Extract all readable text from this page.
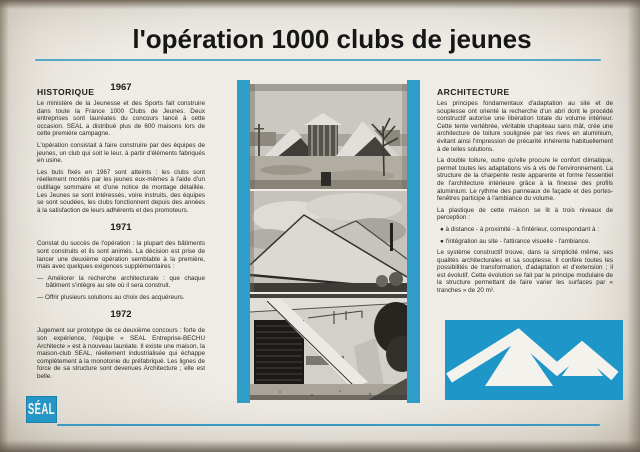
l'opération 1000 clubs de jeunes
HISTORIQUE	1967

Le ministère de la Jeunesse et des Sports fait construire dans toute la France 1000 Clubs de Jeunes. Deux entreprises sont lauréates du concours lancé à cette occasion. SEAL a distribué plus de 600 maisons lors de cette première campagne.

L'opération consistait à faire construire par des équipes de jeunes, un club qui soit le leur, à partir d'éléments fabriqués en usine.

Les buts fixés en 1967 sont atteints : les clubs sont réellement montés par les jeunes eux-mêmes à l'aide d'un outillage sommaire et d'une notice de montage détaillée. Les Jeunes se sont intéressés, voire instruits, des équipes se sont soudées, les clubs fonctionnent depuis des années à la satisfaction de leurs adhérents et des promoteurs.

1971

Constat du succès de l'opération : la plupart des bâtiments sont construits et ils sont animés. La décision est prise de lancer une deuxième opération semblable à la première, mais avec quelques exigences supplémentaires :

— Améliorer la recherche architecturale : que chaque bâtiment s'intègre au site où il sera construit.

— Offrir plusieurs solutions au choix des acquéreurs.

1972

Jugement sur prototype de ce deuxième concours : forte de son expérience, l'équipe « SEAL Entreprise-BECHU Architecte » est à nouveau lauréate. Il existe une maison, la maison-club SEAL, réellement industrialisée qui échappe complètement à la monotonie du préfabriqué. Les lignes de force de sa structure sont devenues Architecture ; elle est belle.

ARCHITECTURE

Les principes fondamentaux d'adaptation au site et de souplesse ont orienté la recherche d'un abri dont le procédé constructif autorise une libération totale du volume intérieur. Cette tente vertébrée, véritable chapiteau sans mât, crée une architecture de toiture soulignée par les rives en aluminium, évitant ainsi l'impression de précarité inhérente habituellement à de telles solutions.

La double toiture, outre qu'elle procure le confort climatique, permet toutes les adaptations vis à vis de l'environnement. La structure de la charpente reste apparente et forme l'essentiel de l'architecture intérieure grâce à la finesse des profils aluminium. Le rythme des panneaux de façade et des portes-fenêtres participe à l'ambiance du volume.

La plastique de cette maison se lit à trois niveaux de perception :

● à distance - à proximité - à l'intérieur, correspondant à :

● l'intégration au site - l'attirance visuelle - l'ambiance.

Le système constructif trouve, dans la simplicité même, ses qualités architecturales et sa souplesse. Il confère toutes les possibilités de transformation, d'adaptation et d'extension ; il est évolutif. Cette évolution se fait par le principe modulaire de la structure permettant de faire varier les surfaces par « tranches » de 20 m².

SÉAL
